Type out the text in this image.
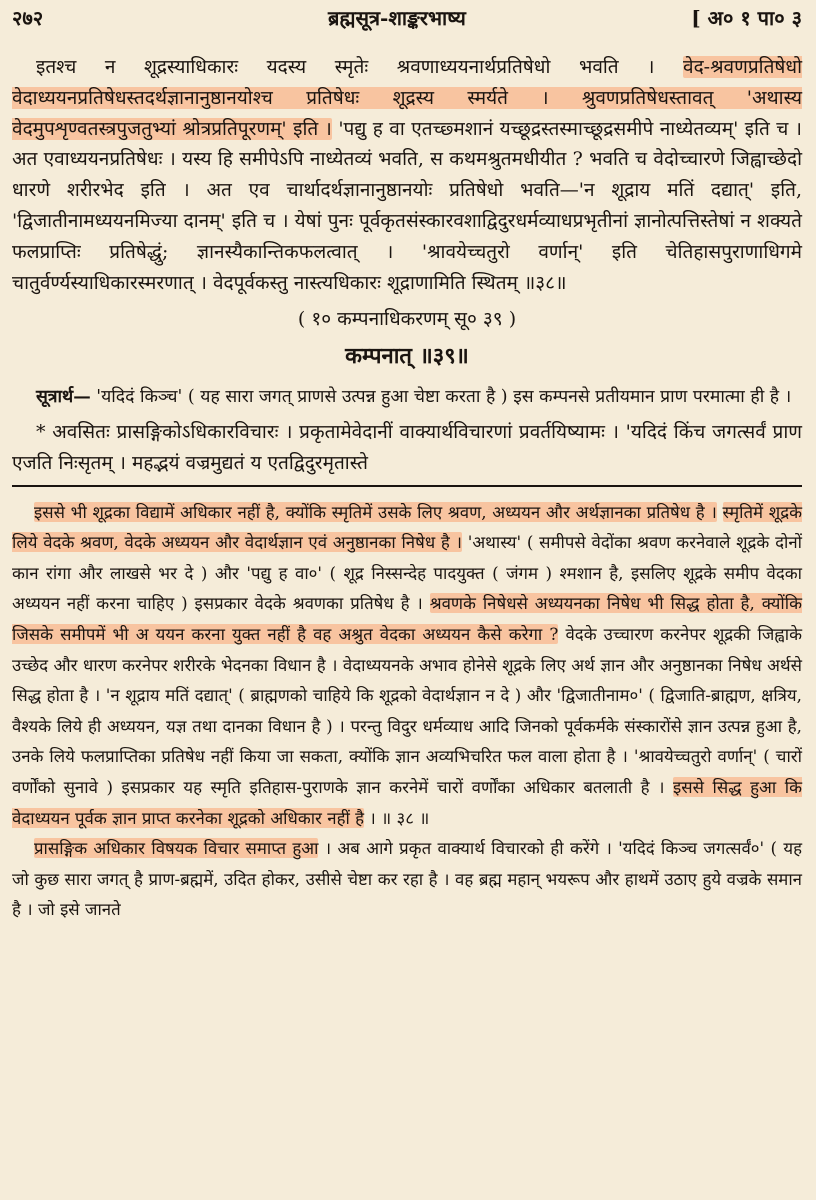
२७२	ब्रह्मसूत्र-शाङ्करभाष्य	[ अ० १ पा० ३

इतश्च न शूद्रस्याधिकारः यदस्य स्मृतेः श्रवणाध्ययनार्थप्रतिषेधो भवति । वेद-श्रवणप्रतिषेधो वेदाध्ययनप्रतिषेधस्तदर्थज्ञानानुष्ठानयोश्च प्रतिषेधः शूद्रस्य स्मर्यते । श्रुवणप्रतिषेधस्तावत् 'अथास्य वेदमुपशृण्वतस्त्रपुजतुभ्यां श्रोत्रप्रतिपूरणम्' इति । 'पद्यु ह वा एतच्छ्मशानं यच्छूद्रस्तस्माच्छूद्रसमीपे नाध्येतव्यम्' इति च । अत एवाध्ययनप्रतिषेधः । यस्य हि समीपेऽपि नाध्येतव्यं भवति, स कथमश्रुतमधीयीत ? भवति च वेदोच्चारणे जिह्वाच्छेदो धारणे शरीरभेद इति । अत एव चार्थादर्थज्ञानानुष्ठानयोः प्रतिषेधो भवति—'न शूद्राय मतिं दद्यात्' इति, 'द्विजातीनामध्ययनमिज्या दानम्' इति च । येषां पुनः पूर्वकृतसंस्कारवशाद्विदुरधर्मव्याधप्रभृतीनां ज्ञानोत्पत्तिस्तेषां न शक्यते फलप्राप्तिः प्रतिषेद्धुं; ज्ञानस्यैकान्तिकफलत्वात् । 'श्रावयेच्चतुरो वर्णान्' इति चेतिहासपुराणाधिगमे चातुर्वर्ण्यस्याधिकारस्मरणात् । वेदपूर्वकस्तु नास्त्यधिकारः शूद्राणामिति स्थितम् ॥३८॥

( १० कम्पनाधिकरणम् सू० ३९ )

कम्पनात् ॥३९॥

सूत्रार्थ— 'यदिदं किञ्च' ( यह सारा जगत् प्राणसे उत्पन्न हुआ चेष्टा करता है ) इस कम्पनसे प्रतीयमान प्राण परमात्मा ही है ।

* अवसितः प्रासङ्गिकोऽधिकारविचारः । प्रकृतामेवेदानीं वाक्यार्थविचारणां प्रवर्तयिष्यामः । 'यदिदं किंच जगत्सर्वं प्राण एजति निःसृतम् । महद्भयं वज्रमुद्यतं य एतद्विदुरमृतास्ते

इससे भी शूद्रका विद्यामें अधिकार नहीं है, क्योंकि स्मृतिमें उसके लिए श्रवण, अध्ययन और अर्थज्ञानका प्रतिषेध है । स्मृतिमें शूद्रके लिये वेदके श्रवण, वेदके अध्ययन और वेदार्थज्ञान एवं अनुष्ठानका निषेध है । 'अथास्य' ( समीपसे वेदोंका श्रवण करनेवाले शूद्रके दोनों कान रांगा और लाखसे भर दे ) और 'पद्यु ह वा०' ( शूद्र निस्सन्देह पादयुक्त ( जंगम ) श्मशान है, इसलिए शूद्रके समीप वेदका अध्ययन नहीं करना चाहिए ) इसप्रकार वेदके श्रवणका प्रतिषेध है । श्रवणके निषेधसे अध्ययनका निषेध भी सिद्ध होता है, क्योंकि जिसके समीपमें भी अ ययन करना युक्त नहीं है वह अश्रुत वेदका अध्ययन कैसे करेगा ? वेदके उच्चारण करनेपर शूद्रकी जिह्वाके उच्छेद और धारण करनेपर शरीरके भेदनका विधान है । वेदाध्ययनके अभाव होनेसे शूद्रके लिए अर्थ ज्ञान और अनुष्ठानका निषेध अर्थसे सिद्ध होता है । 'न शूद्राय मतिं दद्यात्' ( ब्राह्मणको चाहिये कि शूद्रको वेदार्थज्ञान न दे ) और 'द्विजातीनाम०' ( द्विजाति-ब्राह्मण, क्षत्रिय, वैश्यके लिये ही अध्ययन, यज्ञ तथा दानका विधान है ) । परन्तु विदुर धर्मव्याध आदि जिनको पूर्वकर्मके संस्कारोंसे ज्ञान उत्पन्न हुआ है, उनके लिये फलप्राप्तिका प्रतिषेध नहीं किया जा सकता, क्योंकि ज्ञान अव्यभिचरित फल वाला होता है । 'श्रावयेच्चतुरो वर्णान्' ( चारों वर्णोंको सुनावे ) इसप्रकार यह स्मृति इतिहास-पुराणके ज्ञान करनेमें चारों वर्णोंका अधिकार बतलाती है । इससे सिद्ध हुआ कि वेदाध्ययन पूर्वक ज्ञान प्राप्त करनेका शूद्रको अधिकार नहीं है । ॥ ३८ ॥

प्रासङ्गिक अधिकार विषयक विचार समाप्त हुआ । अब आगे प्रकृत वाक्यार्थ विचारको ही करेंगे । 'यदिदं किञ्च जगत्सर्वं०' ( यह जो कुछ सारा जगत् है प्राण-ब्रह्ममें, उदित होकर, उसीसे चेष्टा कर रहा है । वह ब्रह्म महान् भयरूप और हाथमें उठाए हुये वज्रके समान है । जो इसे जानते
